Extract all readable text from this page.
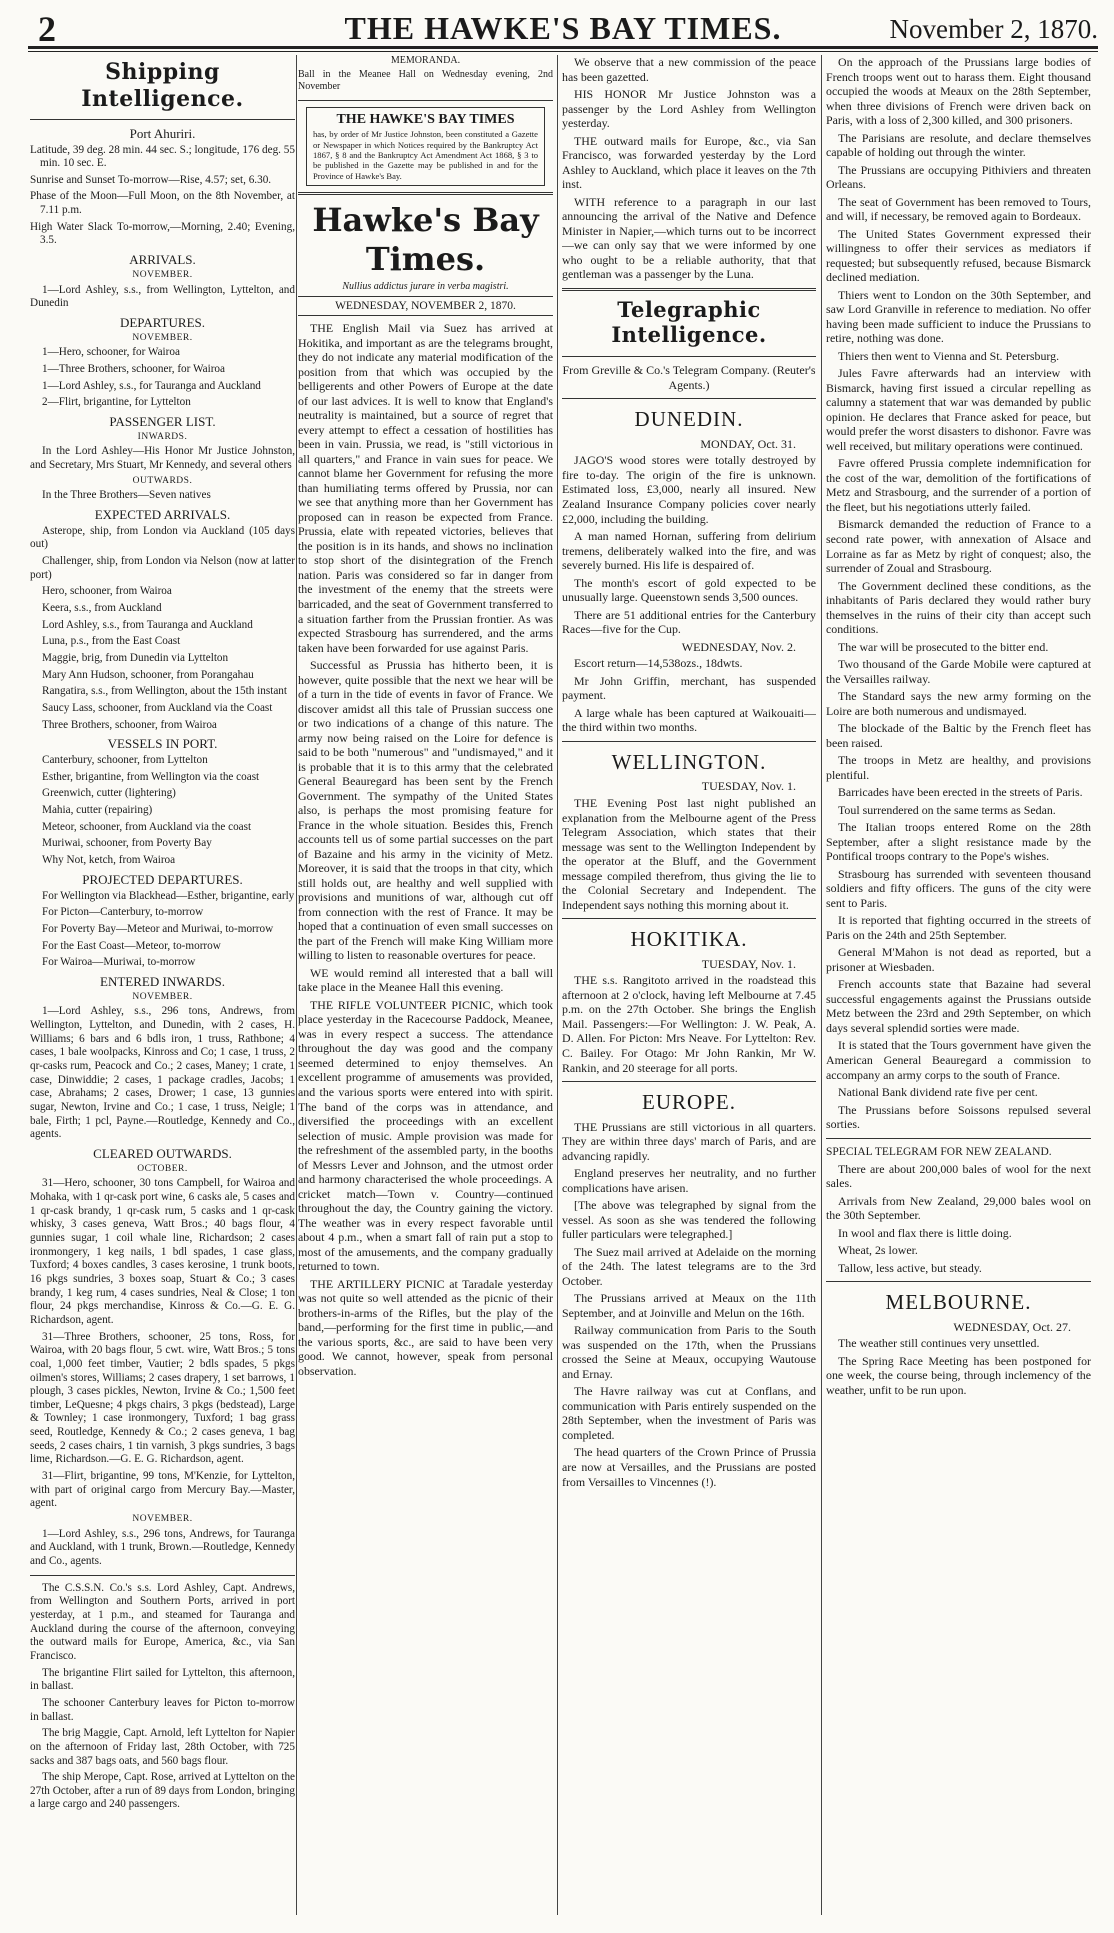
2	THE HAWKE'S BAY TIMES.	November 2, 1870.
Shipping Intelligence.
Port Ahuriri.

Latitude, 39 deg. 28 min. 44 sec. S.; longitude, 176 deg. 55 min. 10 sec. E.

Sunrise and Sunset To-morrow—Rise, 4.57; set, 6.30.

Phase of the Moon—Full Moon, on the 8th November, at 7.11 p.m.

High Water Slack To-morrow,—Morning, 2.40; Evening, 3.5.

ARRIVALS.
NOVEMBER.

1—Lord Ashley, s.s., from Wellington, Lyttelton, and Dunedin

DEPARTURES.
NOVEMBER.

1—Hero, schooner, for Wairoa

1—Three Brothers, schooner, for Wairoa

1—Lord Ashley, s.s., for Tauranga and Auckland

2—Flirt, brigantine, for Lyttelton

PASSENGER LIST.
INWARDS.

In the Lord Ashley—His Honor Mr Justice Johnston, and Secretary, Mrs Stuart, Mr Kennedy, and several others

OUTWARDS.

In the Three Brothers—Seven natives

EXPECTED ARRIVALS.

Asterope, ship, from London via Auckland (105 days out)

Challenger, ship, from London via Nelson (now at latter port)

Hero, schooner, from Wairoa

Keera, s.s., from Auckland

Lord Ashley, s.s., from Tauranga and Auckland

Luna, p.s., from the East Coast

Maggie, brig, from Dunedin via Lyttelton

Mary Ann Hudson, schooner, from Porangahau

Rangatira, s.s., from Wellington, about the 15th instant

Saucy Lass, schooner, from Auckland via the Coast

Three Brothers, schooner, from Wairoa

VESSELS IN PORT.

Canterbury, schooner, from Lyttelton

Esther, brigantine, from Wellington via the coast

Greenwich, cutter (lightering)

Mahia, cutter (repairing)

Meteor, schooner, from Auckland via the coast

Muriwai, schooner, from Poverty Bay

Why Not, ketch, from Wairoa

PROJECTED DEPARTURES.

For Wellington via Blackhead—Esther, brigantine, early

For Picton—Canterbury, to-morrow

For Poverty Bay—Meteor and Muriwai, to-morrow

For the East Coast—Meteor, to-morrow

For Wairoa—Muriwai, to-morrow

ENTERED INWARDS.
NOVEMBER.

1—Lord Ashley, s.s., 296 tons, Andrews, from Wellington, Lyttelton, and Dunedin, with 2 cases, H. Williams; 6 bars and 6 bdls iron, 1 truss, Rathbone; 4 cases, 1 bale woolpacks, Kinross and Co; 1 case, 1 truss, 2 qr-casks rum, Peacock and Co.; 2 cases, Maney; 1 crate, 1 case, Dinwiddie; 2 cases, 1 package cradles, Jacobs; 1 case, Abrahams; 2 cases, Drower; 1 case, 13 gunnies sugar, Newton, Irvine and Co.; 1 case, 1 truss, Neigle; 1 bale, Firth; 1 pcl, Payne.—Routledge, Kennedy and Co., agents.

CLEARED OUTWARDS.
OCTOBER.

31—Hero, schooner, 30 tons Campbell, for Wairoa and Mohaka, with 1 qr-cask port wine, 6 casks ale, 5 cases and 1 qr-cask brandy, 1 qr-cask rum, 5 casks and 1 qr-cask whisky, 3 cases geneva, Watt Bros.; 40 bags flour, 4 gunnies sugar, 1 coil whale line, Richardson; 2 cases ironmongery, 1 keg nails, 1 bdl spades, 1 case glass, Tuxford; 4 boxes candles, 3 cases kerosine, 1 trunk boots, 16 pkgs sundries, 3 boxes soap, Stuart & Co.; 3 cases brandy, 1 keg rum, 4 cases sundries, Neal & Close; 1 ton flour, 24 pkgs merchandise, Kinross & Co.—G. E. G. Richardson, agent.

31—Three Brothers, schooner, 25 tons, Ross, for Wairoa, with 20 bags flour, 5 cwt. wire, Watt Bros.; 5 tons coal, 1,000 feet timber, Vautier; 2 bdls spades, 5 pkgs oilmen's stores, Williams; 2 cases drapery, 1 set barrows, 1 plough, 3 cases pickles, Newton, Irvine & Co.; 1,500 feet timber, LeQuesne; 4 pkgs chairs, 3 pkgs (bedstead), Large & Townley; 1 case ironmongery, Tuxford; 1 bag grass seed, Routledge, Kennedy & Co.; 2 cases geneva, 1 bag seeds, 2 cases chairs, 1 tin varnish, 3 pkgs sundries, 3 bags lime, Richardson.—G. E. G. Richardson, agent.

31—Flirt, brigantine, 99 tons, M'Kenzie, for Lyttelton, with part of original cargo from Mercury Bay.—Master, agent.

NOVEMBER.

1—Lord Ashley, s.s., 296 tons, Andrews, for Tauranga and Auckland, with 1 trunk, Brown.—Routledge, Kennedy and Co., agents.

The C.S.S.N. Co.'s s.s. Lord Ashley, Capt. Andrews, from Wellington and Southern Ports, arrived in port yesterday, at 1 p.m., and steamed for Tauranga and Auckland during the course of the afternoon, conveying the outward mails for Europe, America, &c., via San Francisco.

The brigantine Flirt sailed for Lyttelton, this afternoon, in ballast.

The schooner Canterbury leaves for Picton to-morrow in ballast.

The brig Maggie, Capt. Arnold, left Lyttelton for Napier on the afternoon of Friday last, 28th October, with 725 sacks and 387 bags oats, and 560 bags flour.

The ship Merope, Capt. Rose, arrived at Lyttelton on the 27th October, after a run of 89 days from London, bringing a large cargo and 240 passengers.

MEMORANDA.

Ball in the Meanee Hall on Wednesday evening, 2nd November

THE HAWKE'S BAY TIMES
has, by order of Mr Justice Johnston, been constituted a Gazette or Newspaper in which Notices required by the Bankruptcy Act 1867, § 8 and the Bankruptcy Act Amendment Act 1868, § 3 to be published in the Gazette may be published in and for the Province of Hawke's Bay.
Hawke's Bay Times.
Nullius addictus jurare in verba magistri.
WEDNESDAY, NOVEMBER 2, 1870.

THE English Mail via Suez has arrived at Hokitika, and important as are the telegrams brought, they do not indicate any material modification of the position from that which was occupied by the belligerents and other Powers of Europe at the date of our last advices. It is well to know that England's neutrality is maintained, but a source of regret that every attempt to effect a cessation of hostilities has been in vain. Prussia, we read, is "still victorious in all quarters," and France in vain sues for peace. We cannot blame her Government for refusing the more than humiliating terms offered by Prussia, nor can we see that anything more than her Government has proposed can in reason be expected from France. Prussia, elate with repeated victories, believes that the position is in its hands, and shows no inclination to stop short of the disintegration of the French nation. Paris was considered so far in danger from the investment of the enemy that the streets were barricaded, and the seat of Government transferred to a situation farther from the Prussian frontier. As was expected Strasbourg has surrendered, and the arms taken have been forwarded for use against Paris.

Successful as Prussia has hitherto been, it is however, quite possible that the next we hear will be of a turn in the tide of events in favor of France. We discover amidst all this tale of Prussian success one or two indications of a change of this nature. The army now being raised on the Loire for defence is said to be both "numerous" and "undismayed," and it is probable that it is to this army that the celebrated General Beauregard has been sent by the French Government. The sympathy of the United States also, is perhaps the most promising feature for France in the whole situation. Besides this, French accounts tell us of some partial successes on the part of Bazaine and his army in the vicinity of Metz. Moreover, it is said that the troops in that city, which still holds out, are healthy and well supplied with provisions and munitions of war, although cut off from connection with the rest of France. It may be hoped that a continuation of even small successes on the part of the French will make King William more willing to listen to reasonable overtures for peace.

WE would remind all interested that a ball will take place in the Meanee Hall this evening.

THE RIFLE VOLUNTEER PICNIC, which took place yesterday in the Racecourse Paddock, Meanee, was in every respect a success. The attendance throughout the day was good and the company seemed determined to enjoy themselves. An excellent programme of amusements was provided, and the various sports were entered into with spirit. The band of the corps was in attendance, and diversified the proceedings with an excellent selection of music. Ample provision was made for the refreshment of the assembled party, in the booths of Messrs Lever and Johnson, and the utmost order and harmony characterised the whole proceedings. A cricket match—Town v. Country—continued throughout the day, the Country gaining the victory. The weather was in every respect favorable until about 4 p.m., when a smart fall of rain put a stop to most of the amusements, and the company gradually returned to town.

THE ARTILLERY PICNIC at Taradale yesterday was not quite so well attended as the picnic of their brothers-in-arms of the Rifles, but the play of the band,—performing for the first time in public,—and the various sports, &c., are said to have been very good. We cannot, however, speak from personal observation.

We observe that a new commission of the peace has been gazetted.

HIS HONOR Mr Justice Johnston was a passenger by the Lord Ashley from Wellington yesterday.

THE outward mails for Europe, &c., via San Francisco, was forwarded yesterday by the Lord Ashley to Auckland, which place it leaves on the 7th inst.

WITH reference to a paragraph in our last announcing the arrival of the Native and Defence Minister in Napier,—which turns out to be incorrect—we can only say that we were informed by one who ought to be a reliable authority, that that gentleman was a passenger by the Luna.

Telegraphic Intelligence.
From Greville & Co.'s Telegram Company. (Reuter's Agents.)
DUNEDIN.
MONDAY, Oct. 31.

JAGO'S wood stores were totally destroyed by fire to-day. The origin of the fire is unknown. Estimated loss, £3,000, nearly all insured. New Zealand Insurance Company policies cover nearly £2,000, including the building.

A man named Hornan, suffering from delirium tremens, deliberately walked into the fire, and was severely burned. His life is despaired of.

The month's escort of gold expected to be unusually large. Queenstown sends 3,500 ounces.

There are 51 additional entries for the Canterbury Races—five for the Cup.

WEDNESDAY, Nov. 2.

Escort return—14,538ozs., 18dwts.

Mr John Griffin, merchant, has suspended payment.

A large whale has been captured at Waikouaiti—the third within two months.

WELLINGTON.
TUESDAY, Nov. 1.

THE Evening Post last night published an explanation from the Melbourne agent of the Press Telegram Association, which states that their message was sent to the Wellington Independent by the operator at the Bluff, and the Government message compiled therefrom, thus giving the lie to the Colonial Secretary and Independent. The Independent says nothing this morning about it.

HOKITIKA.
TUESDAY, Nov. 1.

THE s.s. Rangitoto arrived in the roadstead this afternoon at 2 o'clock, having left Melbourne at 7.45 p.m. on the 27th October. She brings the English Mail. Passengers:—For Wellington: J. W. Peak, A. D. Allen. For Picton: Mrs Neave. For Lyttelton: Rev. C. Bailey. For Otago: Mr John Rankin, Mr W. Rankin, and 20 steerage for all ports.

EUROPE.

THE Prussians are still victorious in all quarters. They are within three days' march of Paris, and are advancing rapidly.

England preserves her neutrality, and no further complications have arisen.

[The above was telegraphed by signal from the vessel. As soon as she was tendered the following fuller particulars were telegraphed.]

The Suez mail arrived at Adelaide on the morning of the 24th. The latest telegrams are to the 3rd October.

The Prussians arrived at Meaux on the 11th September, and at Joinville and Melun on the 16th.

Railway communication from Paris to the South was suspended on the 17th, when the Prussians crossed the Seine at Meaux, occupying Wautouse and Ernay.

The Havre railway was cut at Conflans, and communication with Paris entirely suspended on the 28th September, when the investment of Paris was completed.

The head quarters of the Crown Prince of Prussia are now at Versailles, and the Prussians are posted from Versailles to Vincennes (!).

On the approach of the Prussians large bodies of French troops went out to harass them. Eight thousand occupied the woods at Meaux on the 28th September, when three divisions of French were driven back on Paris, with a loss of 2,300 killed, and 300 prisoners.

The Parisians are resolute, and declare themselves capable of holding out through the winter.

The Prussians are occupying Pithiviers and threaten Orleans.

The seat of Government has been removed to Tours, and will, if necessary, be removed again to Bordeaux.

The United States Government expressed their willingness to offer their services as mediators if requested; but subsequently refused, because Bismarck declined mediation.

Thiers went to London on the 30th September, and saw Lord Granville in reference to mediation. No offer having been made sufficient to induce the Prussians to retire, nothing was done.

Thiers then went to Vienna and St. Petersburg.

Jules Favre afterwards had an interview with Bismarck, having first issued a circular repelling as calumny a statement that war was demanded by public opinion. He declares that France asked for peace, but would prefer the worst disasters to dishonor. Favre was well received, but military operations were continued.

Favre offered Prussia complete indemnification for the cost of the war, demolition of the fortifications of Metz and Strasbourg, and the surrender of a portion of the fleet, but his negotiations utterly failed.

Bismarck demanded the reduction of France to a second rate power, with annexation of Alsace and Lorraine as far as Metz by right of conquest; also, the surrender of Zoual and Strasbourg.

The Government declined these conditions, as the inhabitants of Paris declared they would rather bury themselves in the ruins of their city than accept such conditions.

The war will be prosecuted to the bitter end.

Two thousand of the Garde Mobile were captured at the Versailles railway.

The Standard says the new army forming on the Loire are both numerous and undismayed.

The blockade of the Baltic by the French fleet has been raised.

The troops in Metz are healthy, and provisions plentiful.

Barricades have been erected in the streets of Paris.

Toul surrendered on the same terms as Sedan.

The Italian troops entered Rome on the 28th September, after a slight resistance made by the Pontifical troops contrary to the Pope's wishes.

Strasbourg has surrended with seventeen thousand soldiers and fifty officers. The guns of the city were sent to Paris.

It is reported that fighting occurred in the streets of Paris on the 24th and 25th September.

General M'Mahon is not dead as reported, but a prisoner at Wiesbaden.

French accounts state that Bazaine had several successful engagements against the Prussians outside Metz between the 23rd and 29th September, on which days several splendid sorties were made.

It is stated that the Tours government have given the American General Beauregard a commission to accompany an army corps to the south of France.

National Bank dividend rate five per cent.

The Prussians before Soissons repulsed several sorties.

SPECIAL TELEGRAM FOR NEW ZEALAND.

There are about 200,000 bales of wool for the next sales.

Arrivals from New Zealand, 29,000 bales wool on the 30th September.

In wool and flax there is little doing.

Wheat, 2s lower.

Tallow, less active, but steady.

MELBOURNE.
WEDNESDAY, Oct. 27.

The weather still continues very unsettled.

The Spring Race Meeting has been postponed for one week, the course being, through inclemency of the weather, unfit to be run upon.
